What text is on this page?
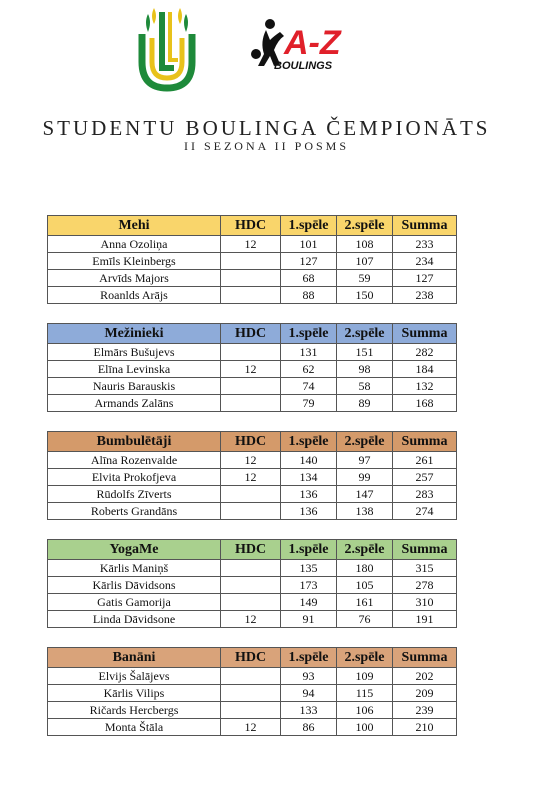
A-Z
BOULINGS
STUDENTU BOULINGA ČEMPIONĀTS
II SEZONA II POSMS
Mehi	HDC	1.spēle	2.spēle	Summa
Anna Ozoliņa	12	101	108	233
Emīls Kleinbergs		127	107	234
Arvīds Majors		68	59	127
Roanlds Arājs		88	150	238
Mežinieki	HDC	1.spēle	2.spēle	Summa
Elmārs Bušujevs		131	151	282
Elīna Levinska	12	62	98	184
Nauris Barauskis		74	58	132
Armands Zalāns		79	89	168
Bumbulētāji	HDC	1.spēle	2.spēle	Summa
Alīna Rozenvalde	12	140	97	261
Elvita Prokofjeva	12	134	99	257
Rūdolfs Zīverts		136	147	283
Roberts Grandāns		136	138	274
YogaMe	HDC	1.spēle	2.spēle	Summa
Kārlis Maniņš		135	180	315
Kārlis Dāvidsons		173	105	278
Gatis Gamorija		149	161	310
Linda Dāvidsone	12	91	76	191
Banāni	HDC	1.spēle	2.spēle	Summa
Elvijs Šalājevs		93	109	202
Kārlis Vilips		94	115	209
Ričards Hercbergs		133	106	239
Monta Štāla	12	86	100	210
